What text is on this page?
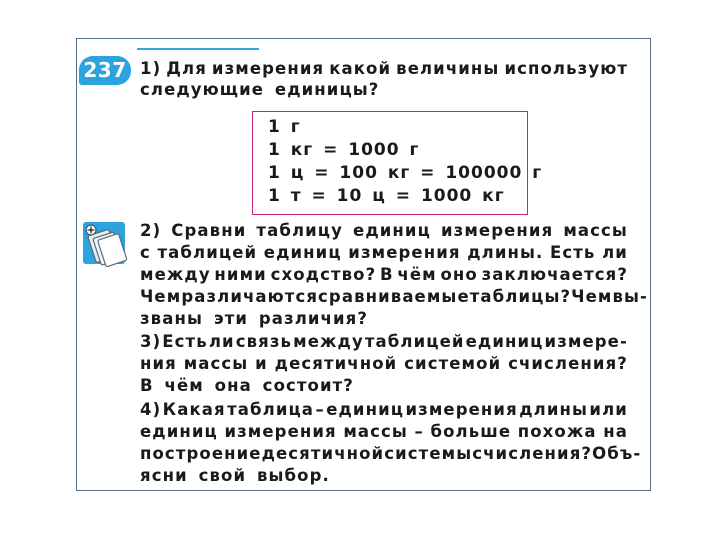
237 1) Для измерения какой величины используют
следующие единицы?
1 г
1 кг = 1000 г
1 ц = 100 кг = 100000 г
1 т = 10 ц = 1000 кг
2) Сравни таблицу единиц измерения массы
с таблицей единиц измерения длины. Есть ли
между ними сходство? В чём оно заключается?
Чем различаются сравниваемые таблицы? Чем вы-
званы эти различия?
3) Есть ли связь между таблицей единиц измере-
ния массы и десятичной системой счисления?
В чём она состоит?
4) Какая таблица – единиц измерения длины или
единиц измерения массы – больше похожа на
построение десятичной системы счисления? Объ-
ясни свой выбор.
